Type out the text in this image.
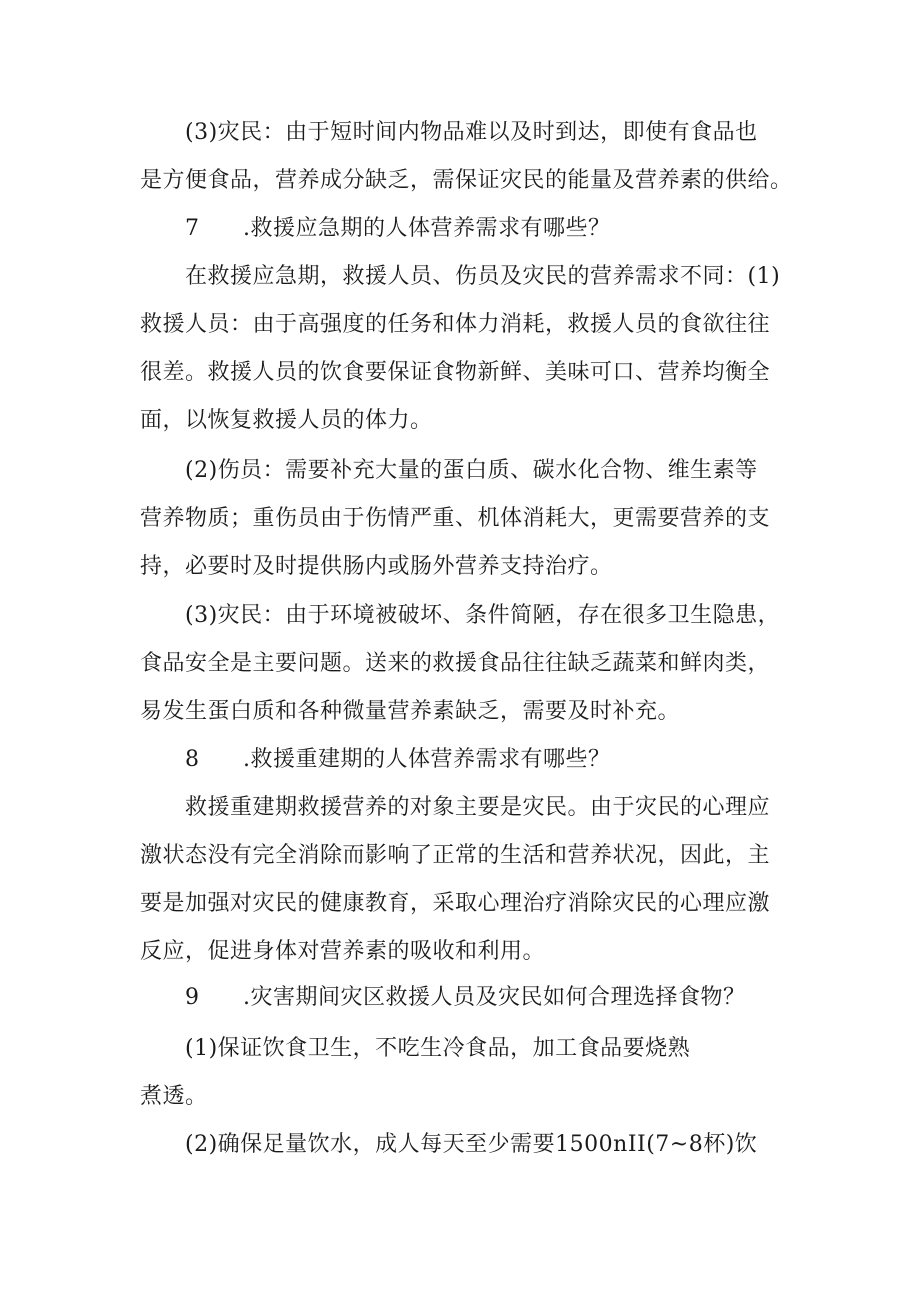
(3)灾民：由于短时间内物品难以及时到达，即使有食品也
是方便食品，营养成分缺乏，需保证灾民的能量及营养素的供给。
7 .救援应急期的人体营养需求有哪些？
在救援应急期，救援人员、伤员及灾民的营养需求不同：(1)
救援人员：由于高强度的任务和体力消耗，救援人员的食欲往往
很差。救援人员的饮食要保证食物新鲜、美味可口、营养均衡全
面，以恢复救援人员的体力。
(2)伤员：需要补充大量的蛋白质、碳水化合物、维生素等
营养物质；重伤员由于伤情严重、机体消耗大，更需要营养的支
持，必要时及时提供肠内或肠外营养支持治疗。
(3)灾民：由于环境被破坏、条件简陋，存在很多卫生隐患，
食品安全是主要问题。送来的救援食品往往缺乏蔬菜和鲜肉类，
易发生蛋白质和各种微量营养素缺乏，需要及时补充。
8 .救援重建期的人体营养需求有哪些？
救援重建期救援营养的对象主要是灾民。由于灾民的心理应
激状态没有完全消除而影响了正常的生活和营养状况，因此，主
要是加强对灾民的健康教育，采取心理治疗消除灾民的心理应激
反应，促进身体对营养素的吸收和利用。
9 .灾害期间灾区救援人员及灾民如何合理选择食物？
(1)保证饮食卫生，不吃生冷食品，加工食品要烧熟
煮透。
(2)确保足量饮水，成人每天至少需要1500nII(7~8杯)饮
